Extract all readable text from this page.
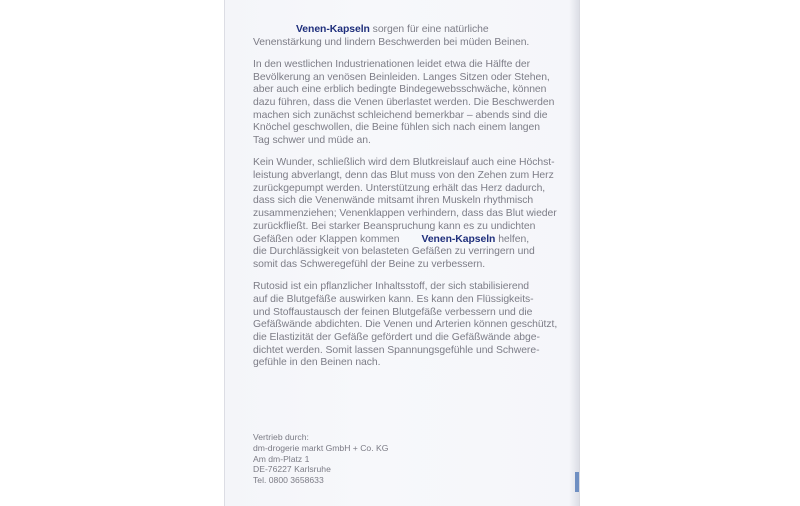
Venen-Kapseln sorgen für eine natürliche
Venenstärkung und lindern Beschwerden bei müden Beinen.

In den westlichen Industrienationen leidet etwa die Hälfte der
Bevölkerung an venösen Beinleiden. Langes Sitzen oder Stehen,
aber auch eine erblich bedingte Bindegewebsschwäche, können
dazu führen, dass die Venen überlastet werden. Die Beschwerden
machen sich zunächst schleichend bemerkbar – abends sind die
Knöchel geschwollen, die Beine fühlen sich nach einem langen
Tag schwer und müde an.

Kein Wunder, schließlich wird dem Blutkreislauf auch eine Höchst-
leistung abverlangt, denn das Blut muss von den Zehen zum Herz
zurückgepumpt werden. Unterstützung erhält das Herz dadurch,
dass sich die Venenwände mitsamt ihren Muskeln rhythmisch
zusammenziehen; Venenklappen verhindern, dass das Blut wieder
zurückfließt. Bei starker Beanspruchung kann es zu undichten
Gefäßen oder Klappen kommen Venen-Kapseln helfen,
die Durchlässigkeit von belasteten Gefäßen zu verringern und
somit das Schweregefühl der Beine zu verbessern.

Rutosid ist ein pflanzlicher Inhaltsstoff, der sich stabilisierend
auf die Blutgefäße auswirken kann. Es kann den Flüssigkeits-
und Stoffaustausch der feinen Blutgefäße verbessern und die
Gefäßwände abdichten. Die Venen und Arterien können geschützt,
die Elastizität der Gefäße gefördert und die Gefäßwände abge-
dichtet werden. Somit lassen Spannungsgefühle und Schwere-
gefühle in den Beinen nach.

Vertrieb durch:
dm-drogerie markt GmbH + Co. KG
Am dm-Platz 1
DE-76227 Karlsruhe
Tel. 0800 3658633
